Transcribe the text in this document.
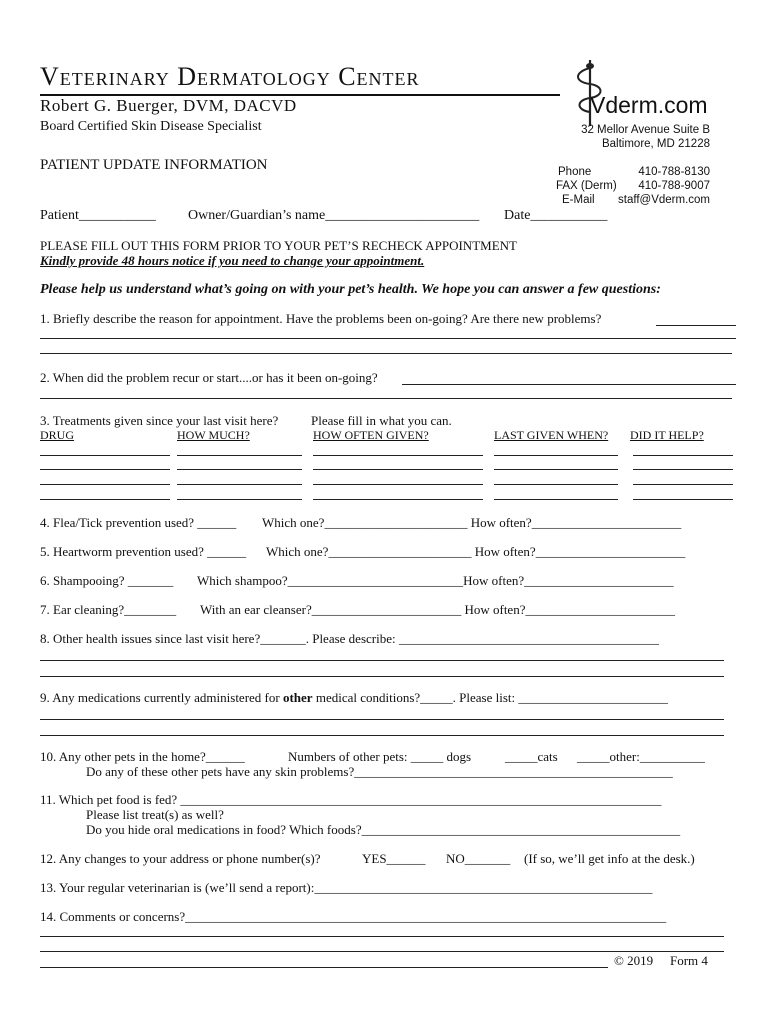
Veterinary Dermatology Center
Robert G. Buerger, DVM, DACVD
Board Certified Skin Disease Specialist
PATIENT UPDATE INFORMATION
Vderm.com
32 Mellor Avenue Suite B
Baltimore, MD 21228
Phone	410-788-8130
FAX (Derm) 410-788-9007
E-Mail staff@Vderm.com
Patient___________ Owner/Guardian’s name______________________ Date___________
PLEASE FILL OUT THIS FORM PRIOR TO YOUR PET’S RECHECK APPOINTMENT
Kindly provide 48 hours notice if you need to change your appointment.
Please help us understand what’s going on with your pet’s health. We hope you can answer a few questions:
1. Briefly describe the reason for appointment. Have the problems been on-going? Are there new problems?
2. When did the problem recur or start....or has it been on-going?
3. Treatments given since your last visit here?	Please fill in what you can.
DRUG	HOW MUCH?	HOW OFTEN GIVEN?	LAST GIVEN WHEN? DID IT HELP?
4. Flea/Tick prevention used? ______ Which one?______________________ How often?_______________________
5. Heartworm prevention used? ______ Which one?______________________ How often?_______________________
6. Shampooing? _______ Which shampoo?___________________________How often?_______________________
7. Ear cleaning?________ With an ear cleanser?_______________________ How often?_______________________
8. Other health issues since last visit here?_______. Please describe: ________________________________________
9. Any medications currently administered for other medical conditions?_____. Please list: _______________________
10. Any other pets in the home?______	Numbers of other pets: _____ dogs	_____cats _____other:__________
Do any of these other pets have any skin problems?_________________________________________________
11. Which pet food is fed? __________________________________________________________________________
Please list treat(s) as well?
Do you hide oral medications in food? Which foods?_________________________________________________
12. Any changes to your address or phone number(s)?	YES______ NO_______ (If so, we’ll get info at the desk.)
13. Your regular veterinarian is (we’ll send a report):____________________________________________________
14. Comments or concerns?__________________________________________________________________________
© 2019 Form 4
